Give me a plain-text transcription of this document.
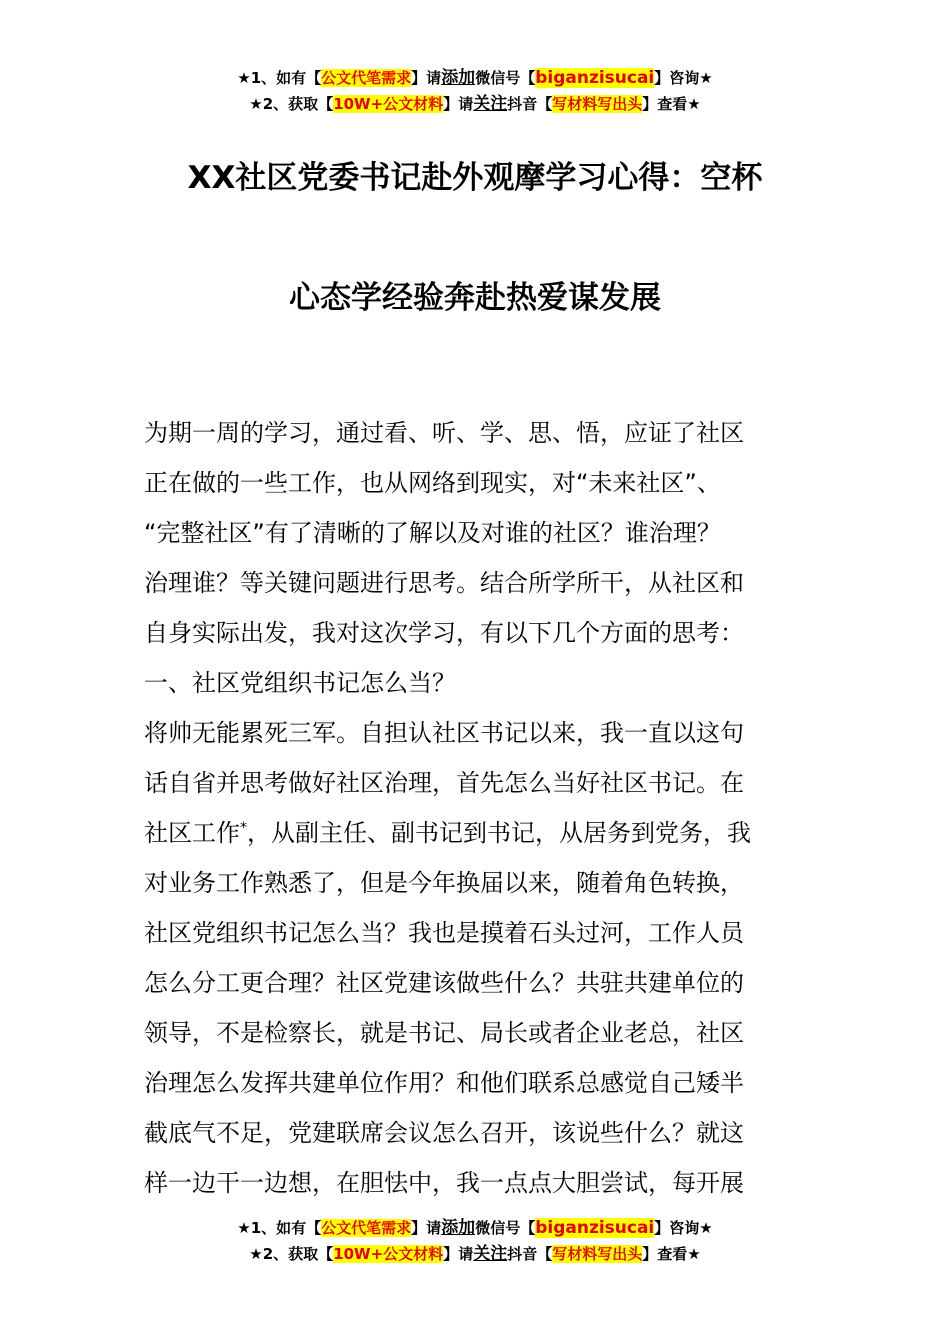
★1、如有【公文代笔需求】请添加微信号【biganzisucai】咨询★
★2、获取【10W+公文材料】请关注抖音【写材料写出头】查看★
XX社区党委书记赴外观摩学习心得：空杯
心态学经验奔赴热爱谋发展
为期一周的学习，通过看、听、学、思、悟，应证了社区
正在做的一些工作，也从网络到现实，对“未来社区”、
“完整社区”有了清晰的了解以及对谁的社区？谁治理？
治理谁？等关键问题进行思考。结合所学所干，从社区和
自身实际出发，我对这次学习，有以下几个方面的思考：
一、社区党组织书记怎么当？
将帅无能累死三军。自担认社区书记以来，我一直以这句
话自省并思考做好社区治理，首先怎么当好社区书记。在
社区工作*，从副主任、副书记到书记，从居务到党务，我
对业务工作熟悉了，但是今年换届以来，随着角色转换，
社区党组织书记怎么当？我也是摸着石头过河，工作人员
怎么分工更合理？社区党建该做些什么？共驻共建单位的
领导，不是检察长，就是书记、局长或者企业老总，社区
治理怎么发挥共建单位作用？和他们联系总感觉自己矮半
截底气不足，党建联席会议怎么召开，该说些什么？就这
样一边干一边想，在胆怯中，我一点点大胆尝试，每开展
★1、如有【公文代笔需求】请添加微信号【biganzisucai】咨询★
★2、获取【10W+公文材料】请关注抖音【写材料写出头】查看★
